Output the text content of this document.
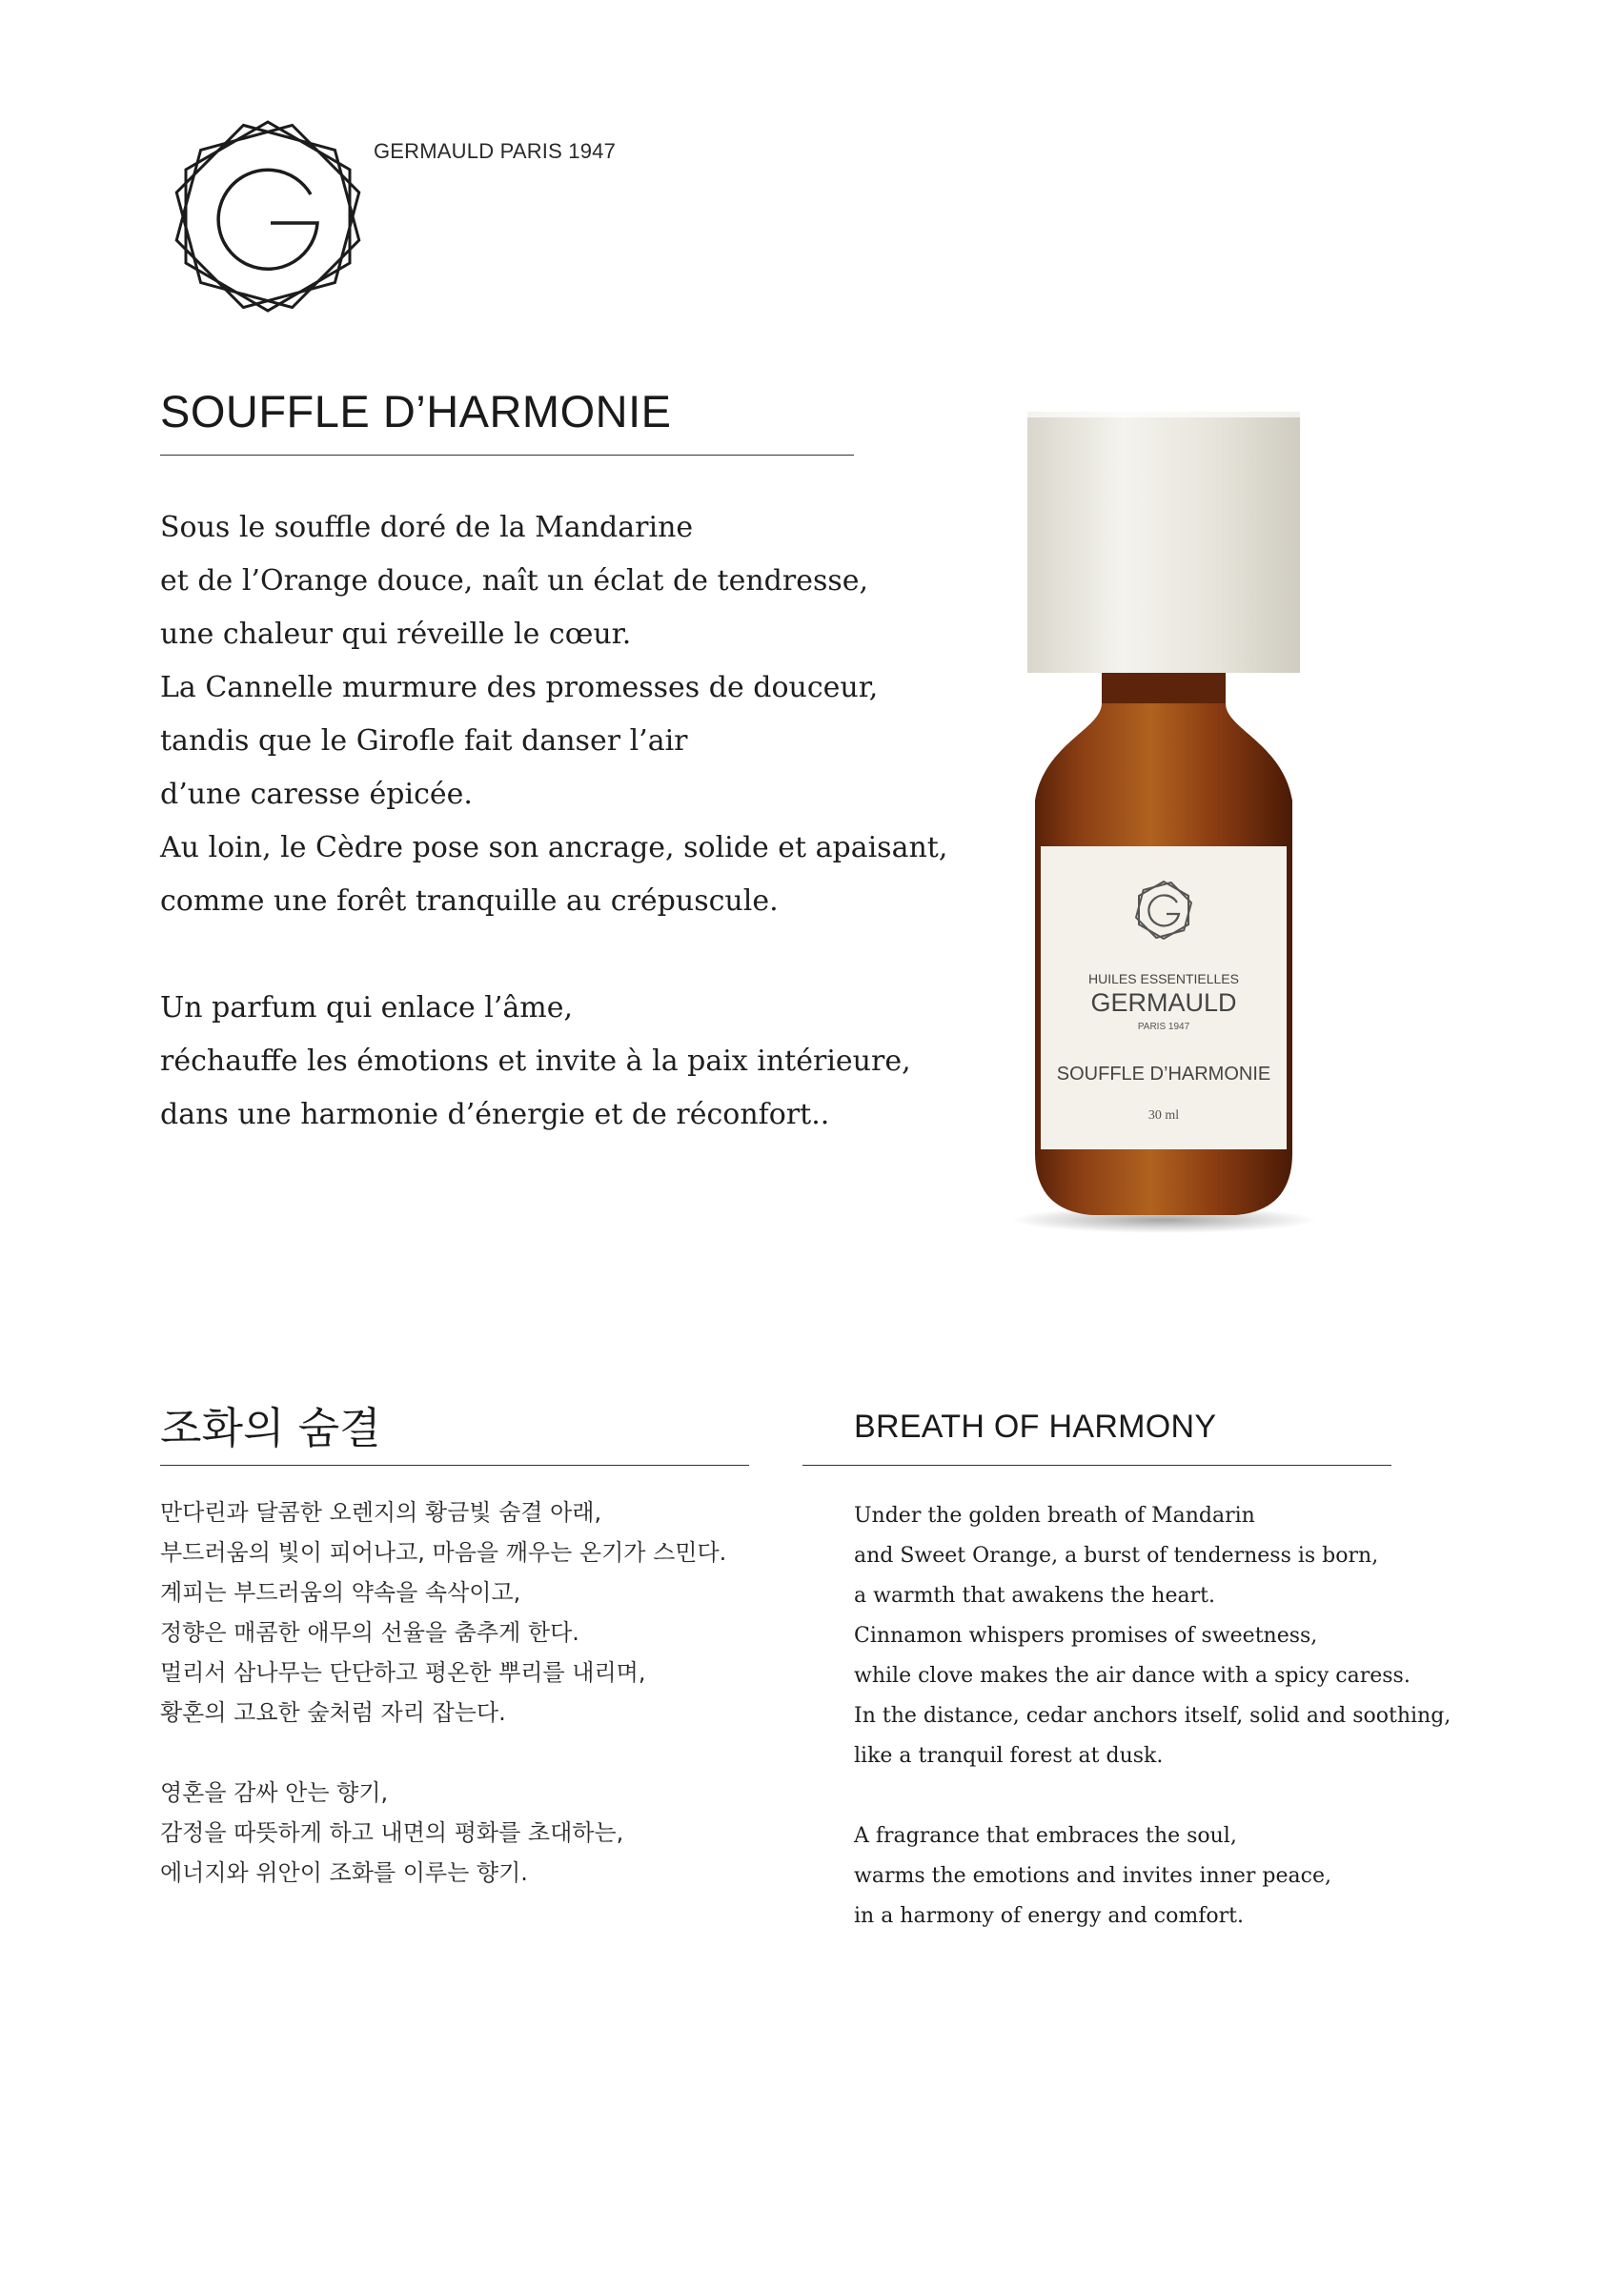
GERMAULD PARIS 1947
SOUFFLE D’HARMONIE

Sous le souffle doré de la Mandarine
et de l’Orange douce, naît un éclat de tendresse,
une chaleur qui réveille le cœur.
La Cannelle murmure des promesses de douceur,
tandis que le Girofle fait danser l’air
d’une caresse épicée.
Au loin, le Cèdre pose son ancrage, solide et apaisant,
comme une forêt tranquille au crépuscule.

Un parfum qui enlace l’âme,
réchauffe les émotions et invite à la paix intérieure,
dans une harmonie d’énergie et de réconfort..

HUILES ESSENTIELLES
GERMAULD
PARIS 1947
SOUFFLE D’HARMONIE
30 ml
조화의 숨결

만다린과 달콤한 오렌지의 황금빛 숨결 아래,
부드러움의 빛이 피어나고, 마음을 깨우는 온기가 스민다.
계피는 부드러움의 약속을 속삭이고,
정향은 매콤한 애무의 선율을 춤추게 한다.
멀리서 삼나무는 단단하고 평온한 뿌리를 내리며,
황혼의 고요한 숲처럼 자리 잡는다.

영혼을 감싸 안는 향기,
감정을 따뜻하게 하고 내면의 평화를 초대하는,
에너지와 위안이 조화를 이루는 향기.

BREATH OF HARMONY

Under the golden breath of Mandarin
and Sweet Orange, a burst of tenderness is born,
a warmth that awakens the heart.
Cinnamon whispers promises of sweetness,
while clove makes the air dance with a spicy caress.
In the distance, cedar anchors itself, solid and soothing,
like a tranquil forest at dusk.

A fragrance that embraces the soul,
warms the emotions and invites inner peace,
in a harmony of energy and comfort.
